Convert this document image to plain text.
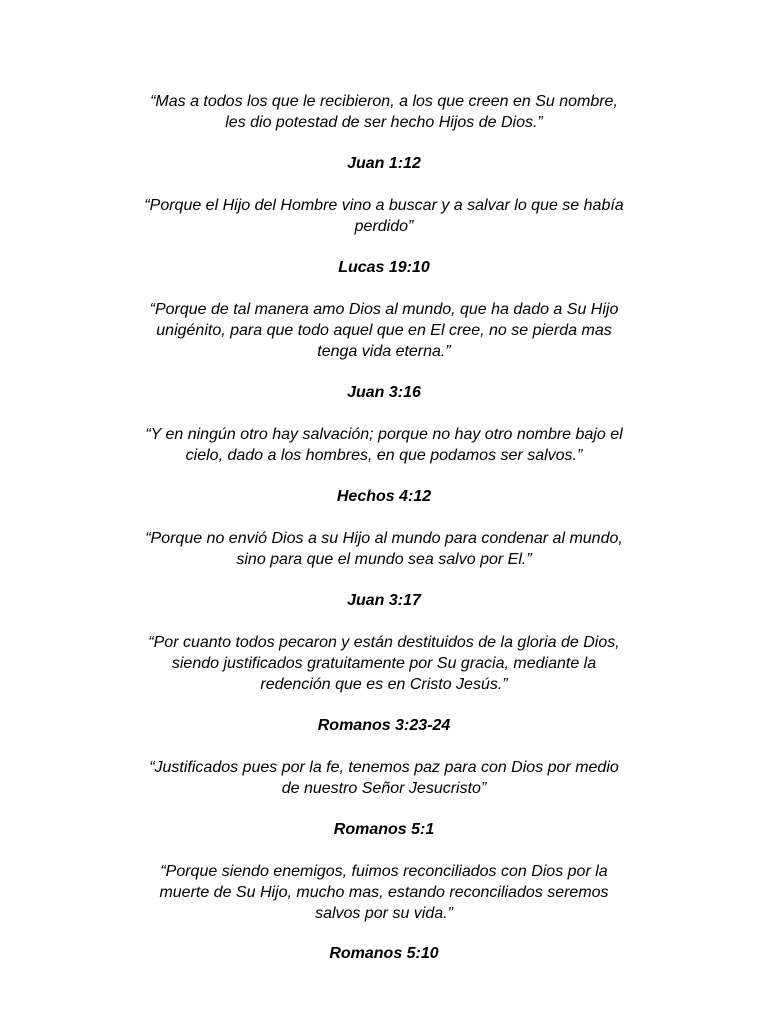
“Mas a todos los que le recibieron, a los que creen en Su nombre,
les dio potestad de ser hecho Hijos de Dios.”
Juan 1:12
“Porque el Hijo del Hombre vino a buscar y a salvar lo que se había
perdido”
Lucas 19:10
“Porque de tal manera amo Dios al mundo, que ha dado a Su Hijo
unigénito, para que todo aquel que en El cree, no se pierda mas
tenga vida eterna.”
Juan 3:16
“Y en ningún otro hay salvación; porque no hay otro nombre bajo el
cielo, dado a los hombres, en que podamos ser salvos.”
Hechos 4:12
“Porque no envió Dios a su Hijo al mundo para condenar al mundo,
sino para que el mundo sea salvo por El.”
Juan 3:17
“Por cuanto todos pecaron y están destituidos de la gloria de Dios,
siendo justificados gratuitamente por Su gracia, mediante la
redención que es en Cristo Jesús.”
Romanos 3:23-24
“Justificados pues por la fe, tenemos paz para con Dios por medio
de nuestro Señor Jesucristo”
Romanos 5:1
“Porque siendo enemigos, fuimos reconciliados con Dios por la
muerte de Su Hijo, mucho mas, estando reconciliados seremos
salvos por su vida.”
Romanos 5:10
